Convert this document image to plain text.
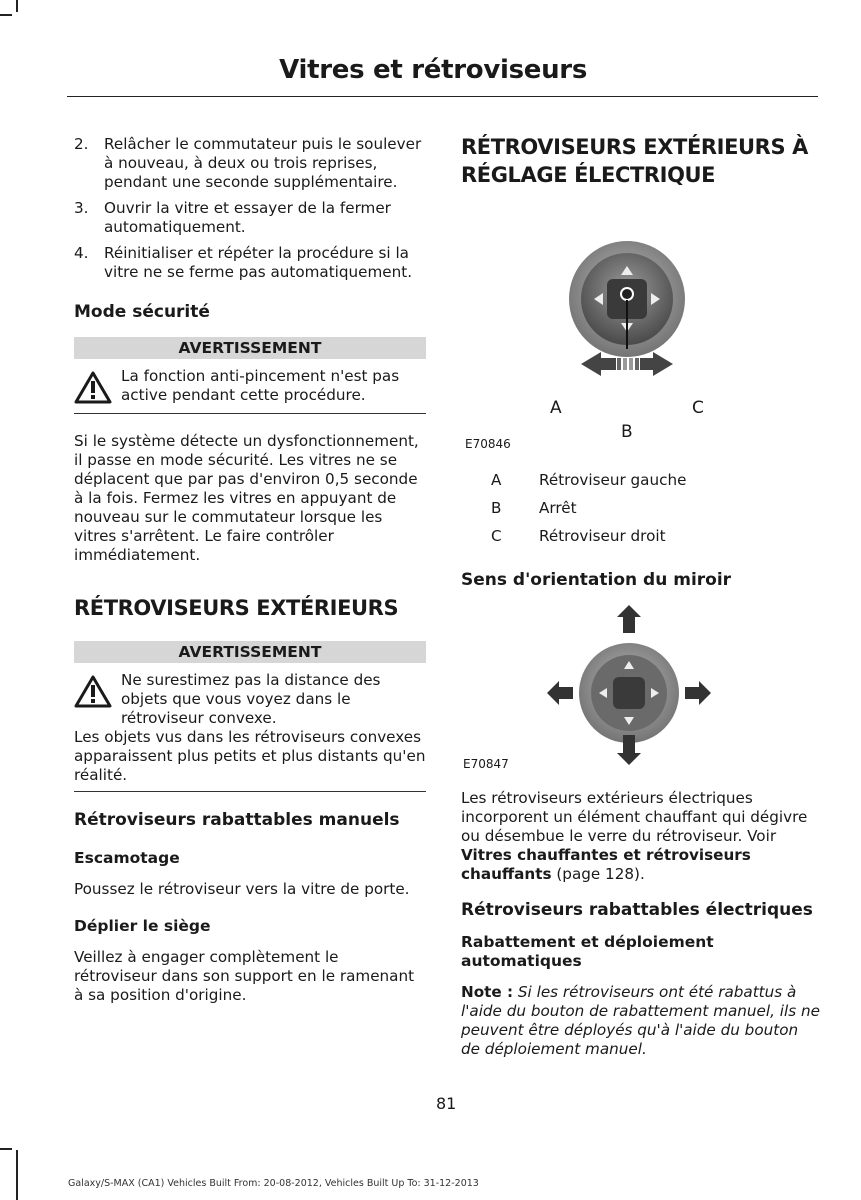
Vitres et rétroviseurs
2.	Relâcher le commutateur puis le soulever à nouveau, à deux ou trois reprises, pendant une seconde supplémentaire.
3.	Ouvrir la vitre et essayer de la fermer automatiquement.
4.	Réinitialiser et répéter la procédure si la vitre ne se ferme pas automatiquement.
Mode sécurité
AVERTISSEMENT

La fonction anti-pincement n'est pas active pendant cette procédure.

Si le système détecte un dysfonctionnement, il passe en mode sécurité. Les vitres ne se déplacent que par pas d'environ 0,5 seconde à la fois. Fermez les vitres en appuyant de nouveau sur le commutateur lorsque les vitres s'arrêtent. Le faire contrôler immédiatement.

RÉTROVISEURS EXTÉRIEURS
AVERTISSEMENT

Ne surestimez pas la distance des objets que vous voyez dans le rétroviseur convexe.

Les objets vus dans les rétroviseurs convexes apparaissent plus petits et plus distants qu'en réalité.

Rétroviseurs rabattables manuels
Escamotage

Poussez le rétroviseur vers la vitre de porte.

Déplier le siège

Veillez à engager complètement le rétroviseur dans son support en le ramenant à sa position d'origine.

RÉTROVISEURS EXTÉRIEURS À RÉGLAGE ÉLECTRIQUE
A
B
C
E70846
A	Rétroviseur gauche
B	Arrêt
C	Rétroviseur droit
Sens d'orientation du miroir
E70847

Les rétroviseurs extérieurs électriques incorporent un élément chauffant qui dégivre ou désembue le verre du rétroviseur. Voir Vitres chauffantes et rétroviseurs chauffants (page 128).

Rétroviseurs rabattables électriques
Rabattement et déploiement automatiques

Note : Si les rétroviseurs ont été rabattus à l'aide du bouton de rabattement manuel, ils ne peuvent être déployés qu'à l'aide du bouton de déploiement manuel.

81
Galaxy/S-MAX (CA1) Vehicles Built From: 20-08-2012, Vehicles Built Up To: 31-12-2013
